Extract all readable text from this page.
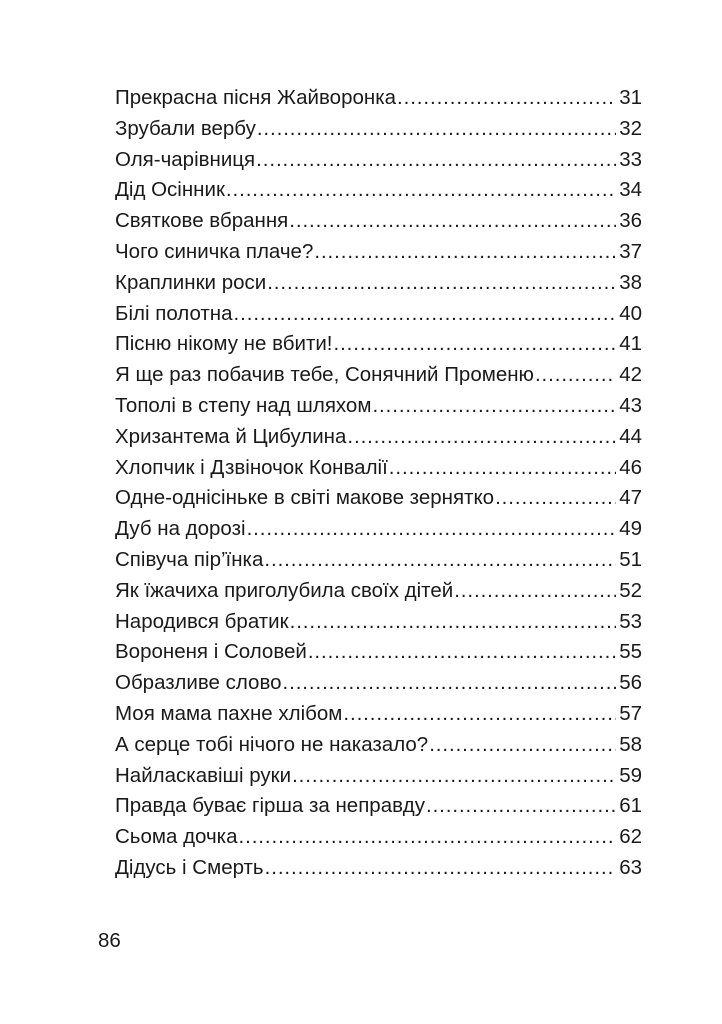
Прекрасна пісня Жайворонка .....	31
Зрубали вербу .....	32
Оля-чарівниця .....	33
Дід Осінник .....	34
Святкове вбрання .....	36
Чого синичка плаче? .....	37
Краплинки роси .....	38
Білі полотна .....	40
Пісню нікому не вбити! .....	41
Я ще раз побачив тебе, Сонячний Променю .....	42
Тополі в степу над шляхом .....	43
Хризантема й Цибулина .....	44
Хлопчик і Дзвіночок Конвалії .....	46
Одне-однісіньке в світі макове зернятко .....	47
Дуб на дорозі .....	49
Співуча пір’їнка .....	51
Як їжачиха приголубила своїх дітей .....	52
Народився братик .....	53
Вороненя і Соловей .....	55
Образливе слово .....	56
Моя мама пахне хлібом .....	57
А серце тобі нічого не наказало? .....	58
Найласкавіші руки .....	59
Правда буває гірша за неправду .....	61
Сьома дочка .....	62
Дідусь і Смерть .....	63

86
